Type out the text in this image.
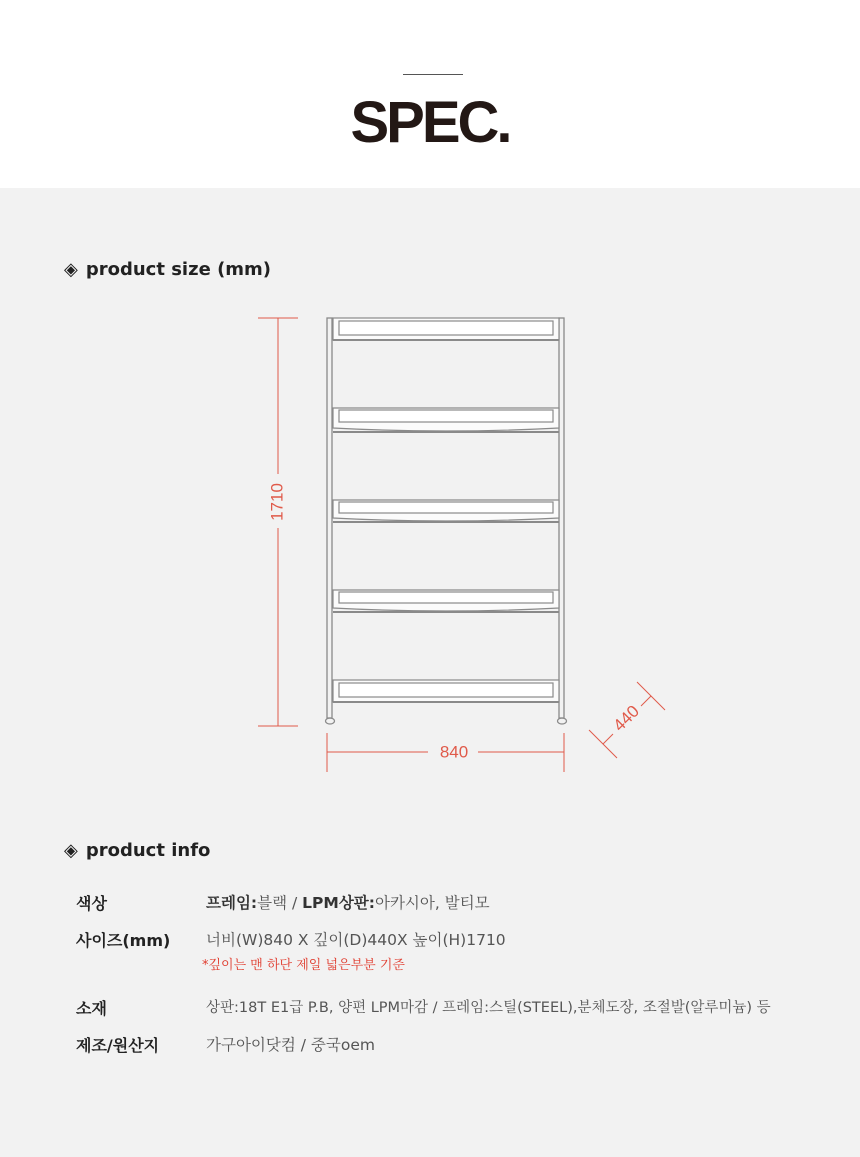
SPEC.
◈ product size (mm)
1710
840
440
◈ product info
색상	프레임:블랙 / LPM상판:아카시아, 발티모
사이즈(mm) 너비(W)840 X 깊이(D)440X 높이(H)1710
*깊이는 맨 하단 제일 넓은부분 기준
소재	상판:18T E1급 P.B, 양편 LPM마감 / 프레임:스틸(STEEL),분체도장, 조절발(알루미늄) 등
제조/원산지	가구아이닷컴 / 중국oem
